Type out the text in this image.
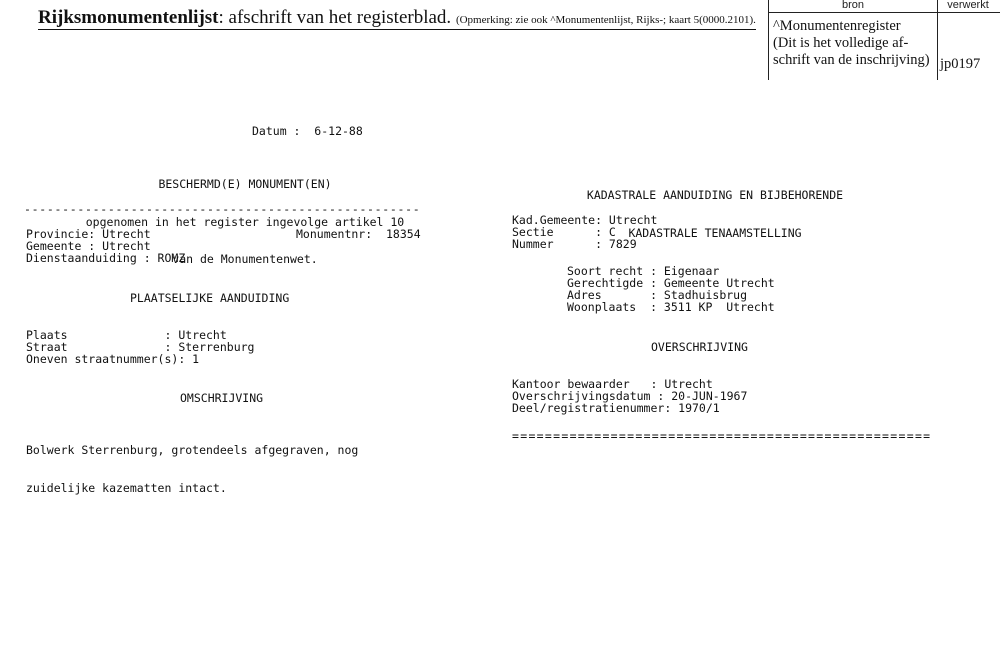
Rijksmonumentenlijst: afschrift van het registerblad. (Opmerking: zie ook ^Monumentenlijst, Rijks-; kaart 5(0000.2101).
bron
^Monumentenregister
(Dit is het volledige af-
schrift van de inschrijving)
verwerkt
jp0197
Datum :  6-12-88

BESCHERMD(E) MONUMENT(EN)

opgenomen in het register ingevolge artikel 10

van de Monumentenwet.

----------------------------------------------------
Provincie: Utrecht	Monumentnr:  18354
Gemeente : Utrecht
Dienstaanduiding : ROMZ
PLAATSELIJKE AANDUIDING
Plaats              : Utrecht
Straat              : Sterrenburg
Oneven straatnummer(s): 1
OMSCHRIJVING

Bolwerk Sterrenburg, grotendeels afgegraven, nog

zuidelijke kazematten intact.

KADASTRALE AANDUIDING EN BIJBEHORENDE

KADASTRALE TENAAMSTELLING

Kad.Gemeente: Utrecht
Sectie      : C
Nummer      : 7829
Soort recht : Eigenaar
Gerechtigde : Gemeente Utrecht
Adres       : Stadhuisbrug
Woonplaats  : 3511 KP  Utrecht
OVERSCHRIJVING
Kantoor bewaarder   : Utrecht
Overschrijvingsdatum : 20-JUN-1967
Deel/registratienummer: 1970/1
===================================================
